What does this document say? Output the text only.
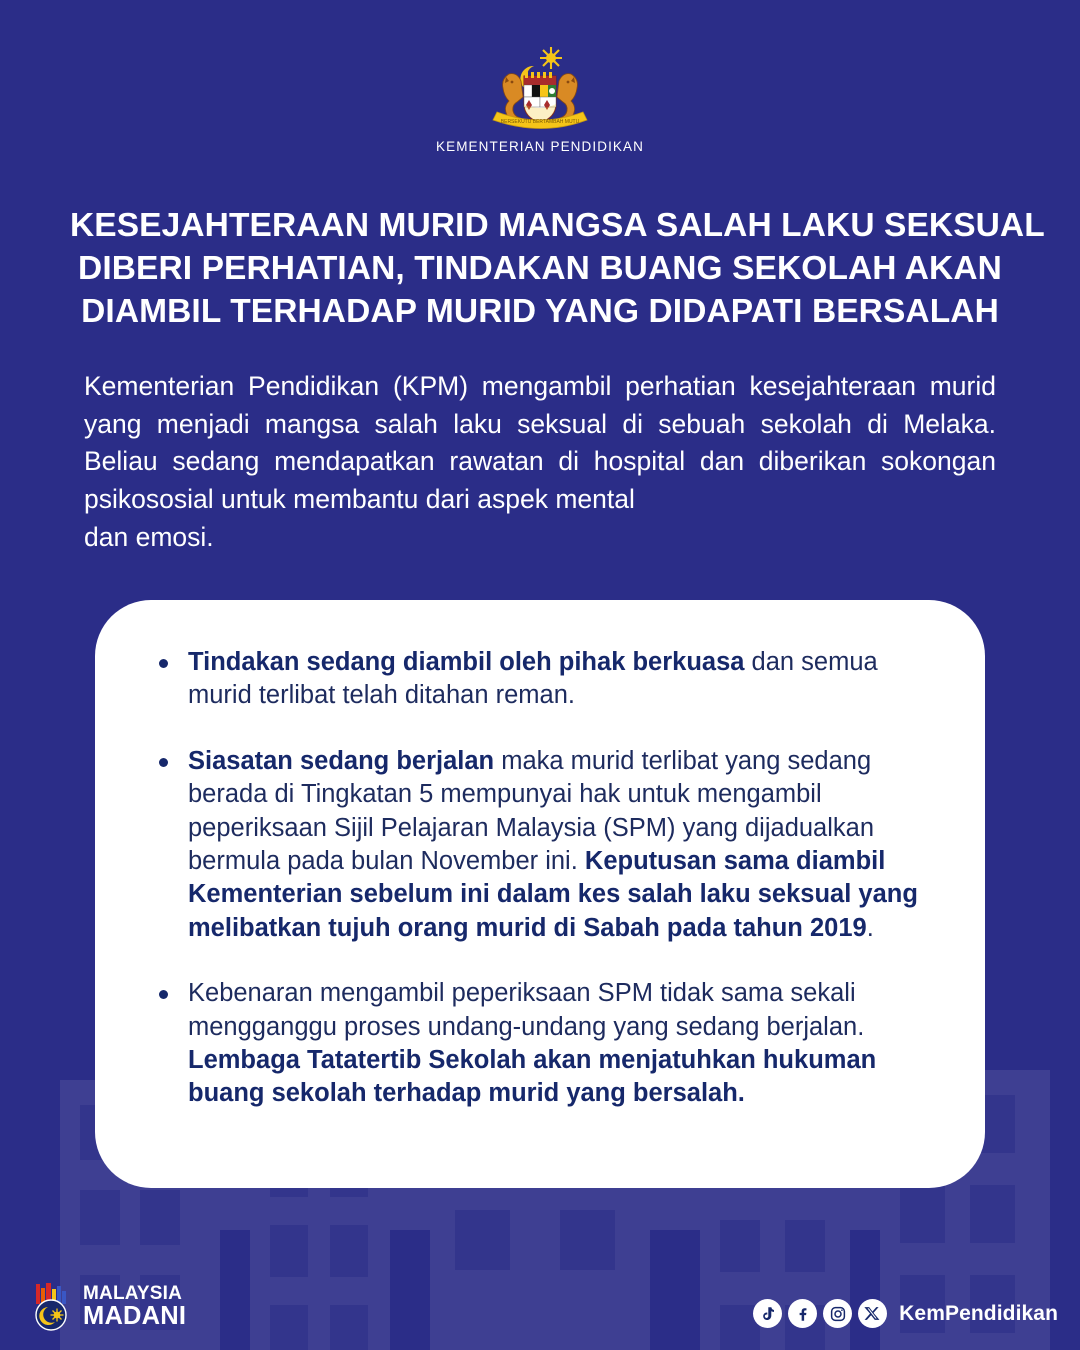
BERSEKUTU BERTAMBAH MUTU
KEMENTERIAN PENDIDIKAN
KESEJAHTERAAN MURID MANGSA SALAH LAKU SEKSUAL
DIBERI PERHATIAN, TINDAKAN BUANG SEKOLAH AKAN
DIAMBIL TERHADAP MURID YANG DIDAPATI BERSALAH
Kementerian Pendidikan (KPM) mengambil perhatian kesejahteraan murid yang menjadi mangsa salah laku seksual di sebuah sekolah di Melaka. Beliau sedang mendapatkan rawatan di hospital dan diberikan sokongan psikososial untuk membantu dari aspek mental
dan emosi.
Tindakan sedang diambil oleh pihak berkuasa dan semua murid terlibat telah ditahan reman.
Siasatan sedang berjalan maka murid terlibat yang sedang berada di Tingkatan 5 mempunyai hak untuk mengambil peperiksaan Sijil Pelajaran Malaysia (SPM) yang dijadualkan bermula pada bulan November ini. Keputusan sama diambil Kementerian sebelum ini dalam kes salah laku seksual yang melibatkan tujuh orang murid di Sabah pada tahun 2019.
Kebenaran mengambil peperiksaan SPM tidak sama sekali mengganggu proses undang-undang yang sedang berjalan. Lembaga Tatatertib Sekolah akan menjatuhkan hukuman buang sekolah terhadap murid yang bersalah.
MALAYSIA
MADANI	KemPendidikan
